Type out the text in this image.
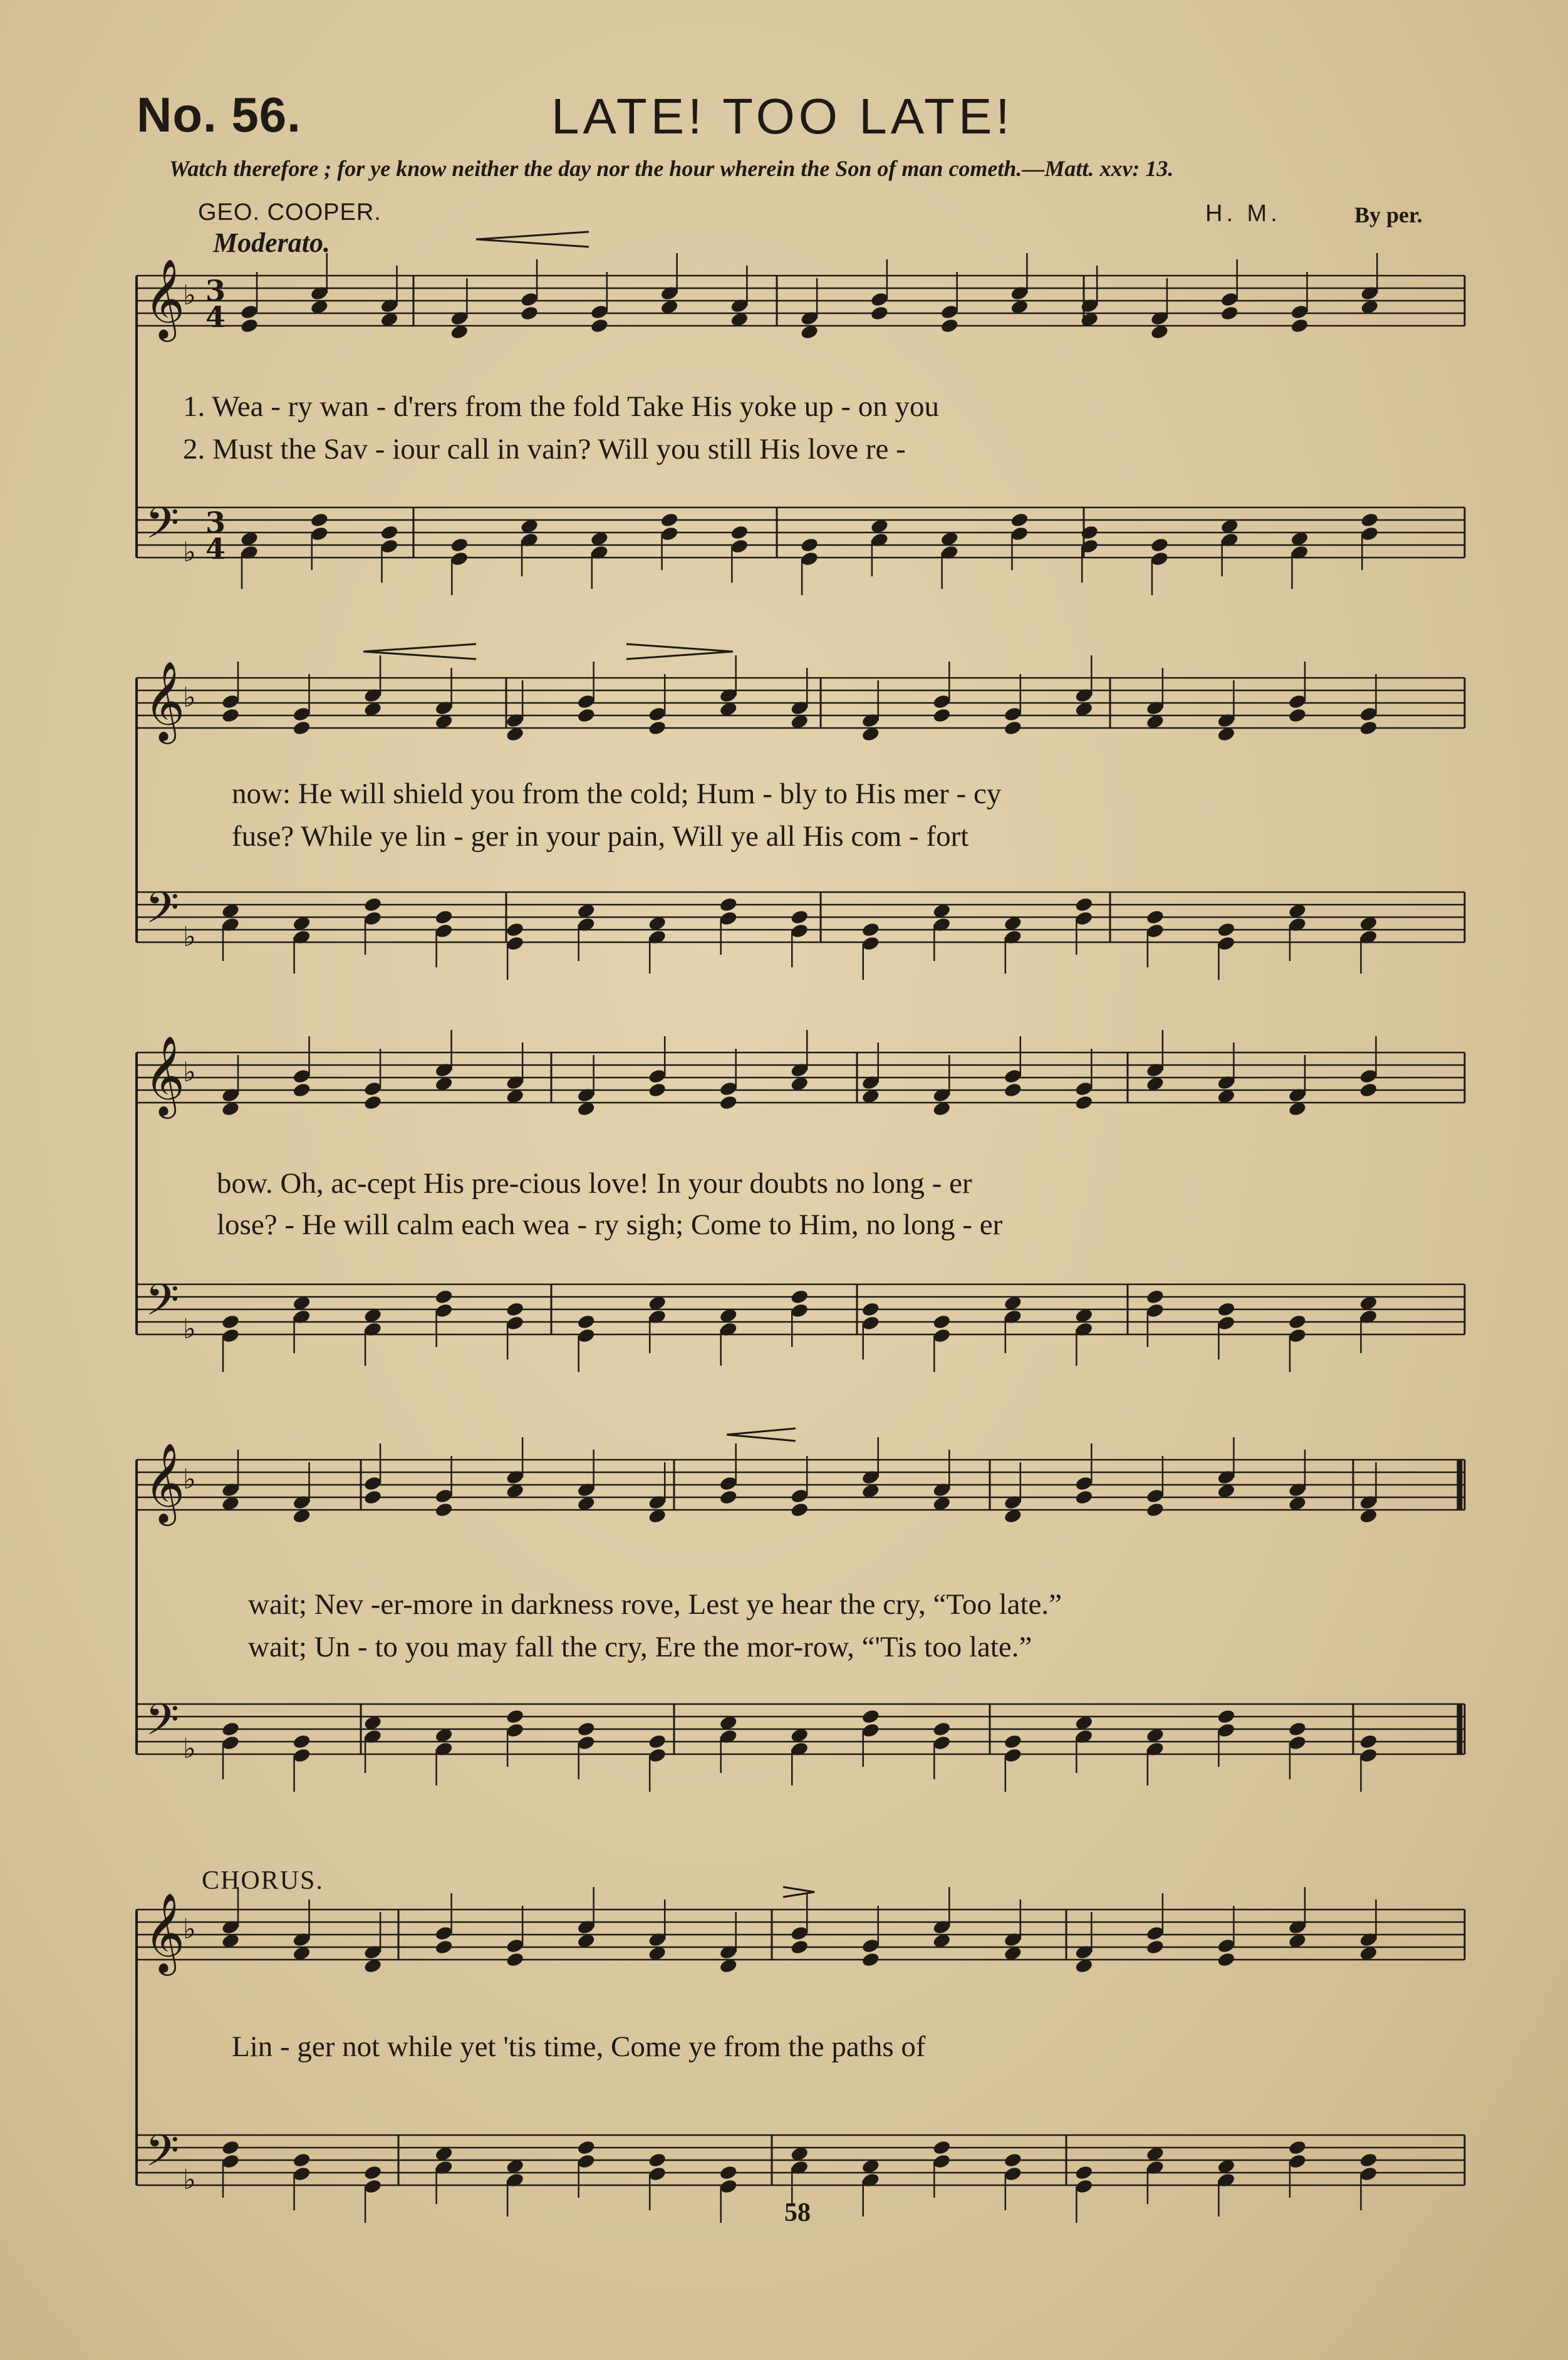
No. 56.	LATE! TOO LATE!
Watch therefore ; for ye know neither the day nor the hour wherein the Son of man cometh.—Matt. xxv: 13.
GEO. COOPER.	H. M.	By per.
Moderato.
𝄞
𝄢
♭
♭
3
4
3
4
𝄞
𝄢
♭
♭
𝄞
𝄢
♭
♭
𝄞
𝄢
♭
♭
𝄞
𝄢
♭
♭
1. Wea - ry wan - d'rers from the fold Take His yoke up - on you
2. Must the Sav - iour call in vain? Will you still His love re -
now: He will shield you from the cold; Hum - bly to His mer - cy
fuse? While ye lin - ger in your pain, Will ye all His com - fort
bow. Oh, ac-cept His pre-cious love! In your doubts no long - er
lose? - He will calm each wea - ry sigh; Come to Him, no long - er
wait; Nev -er-more in darkness rove, Lest ye hear the cry, “Too late.”
wait; Un - to you may fall the cry, Ere the mor-row, “'Tis too late.”
CHORUS.
Lin - ger not while yet 'tis time, Come ye from the paths of
58
